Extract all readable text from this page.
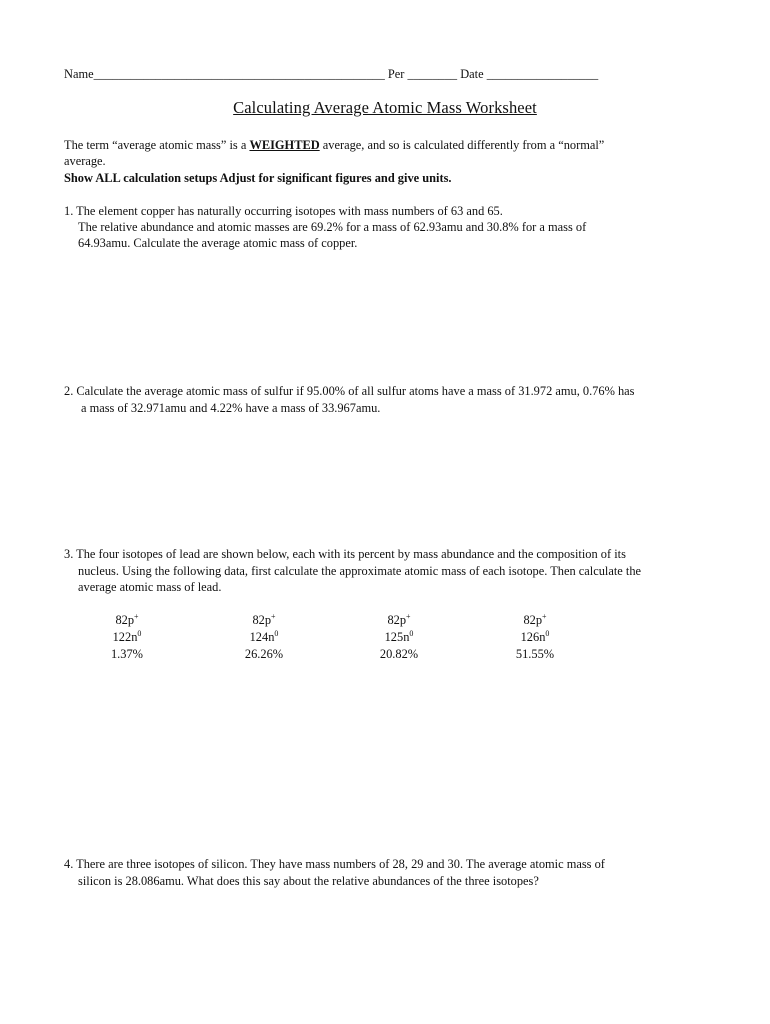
Name_______________________________________________ Per ________ Date __________________
Calculating Average Atomic Mass Worksheet
The term “average atomic mass” is a WEIGHTED average, and so is calculated differently from a “normal”
average.
Show ALL calculation setups Adjust for significant figures and give units.
1. The element copper has naturally occurring isotopes with mass numbers of 63 and 65.
The relative abundance and atomic masses are 69.2% for a mass of 62.93amu and 30.8% for a mass of
64.93amu. Calculate the average atomic mass of copper.
2. Calculate the average atomic mass of sulfur if 95.00% of all sulfur atoms have a mass of 31.972 amu, 0.76% has
a mass of 32.971amu and 4.22% have a mass of 33.967amu.
3. The four isotopes of lead are shown below, each with its percent by mass abundance and the composition of its
nucleus. Using the following data, first calculate the approximate atomic mass of each isotope. Then calculate the
average atomic mass of lead.
82p+
$122n^0$
1.37%
82p+
$124n^0$
26.26%
82p+
$125n^0$
20.82%
82p+
$126n^0$
51.55%
4. There are three isotopes of silicon. They have mass numbers of 28, 29 and 30. The average atomic mass of
silicon is 28.086amu. What does this say about the relative abundances of the three isotopes?
